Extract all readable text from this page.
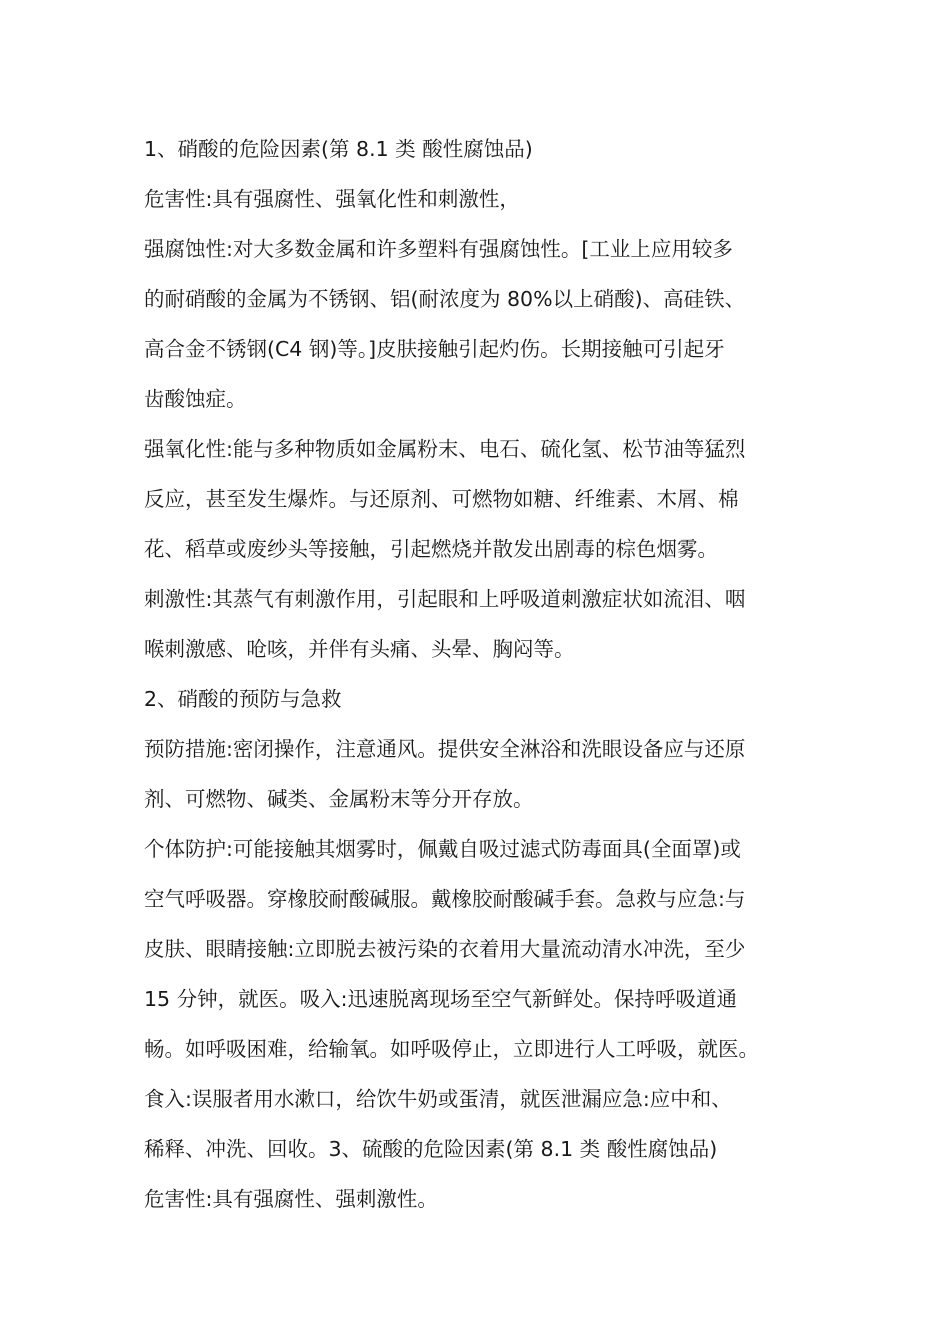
1、硝酸的危险因素(第 8.1 类 酸性腐蚀品)
危害性:具有强腐性、强氧化性和刺激性，
强腐蚀性:对大多数金属和许多塑料有强腐蚀性。[工业上应用较多
的耐硝酸的金属为不锈钢、铝(耐浓度为 80%以上硝酸)、高硅铁、
高合金不锈钢(C4 钢)等。]皮肤接触引起灼伤。长期接触可引起牙
齿酸蚀症。
强氧化性:能与多种物质如金属粉末、电石、硫化氢、松节油等猛烈
反应，甚至发生爆炸。与还原剂、可燃物如糖、纤维素、木屑、棉
花、稻草或废纱头等接触，引起燃烧并散发出剧毒的棕色烟雾。
刺激性:其蒸气有刺激作用，引起眼和上呼吸道刺激症状如流泪、咽
喉刺激感、呛咳，并伴有头痛、头晕、胸闷等。
2、硝酸的预防与急救
预防措施:密闭操作，注意通风。提供安全淋浴和洗眼设备应与还原
剂、可燃物、碱类、金属粉末等分开存放。
个体防护:可能接触其烟雾时，佩戴自吸过滤式防毒面具(全面罩)或
空气呼吸器。穿橡胶耐酸碱服。戴橡胶耐酸碱手套。急救与应急:与
皮肤、眼睛接触:立即脱去被污染的衣着用大量流动清水冲洗，至少
15 分钟，就医。吸入:迅速脱离现场至空气新鲜处。保持呼吸道通
畅。如呼吸困难，给输氧。如呼吸停止，立即进行人工呼吸，就医。
食入:误服者用水漱口，给饮牛奶或蛋清，就医泄漏应急:应中和、
稀释、冲洗、回收。3、硫酸的危险因素(第 8.1 类 酸性腐蚀品)
危害性:具有强腐性、强刺激性。
